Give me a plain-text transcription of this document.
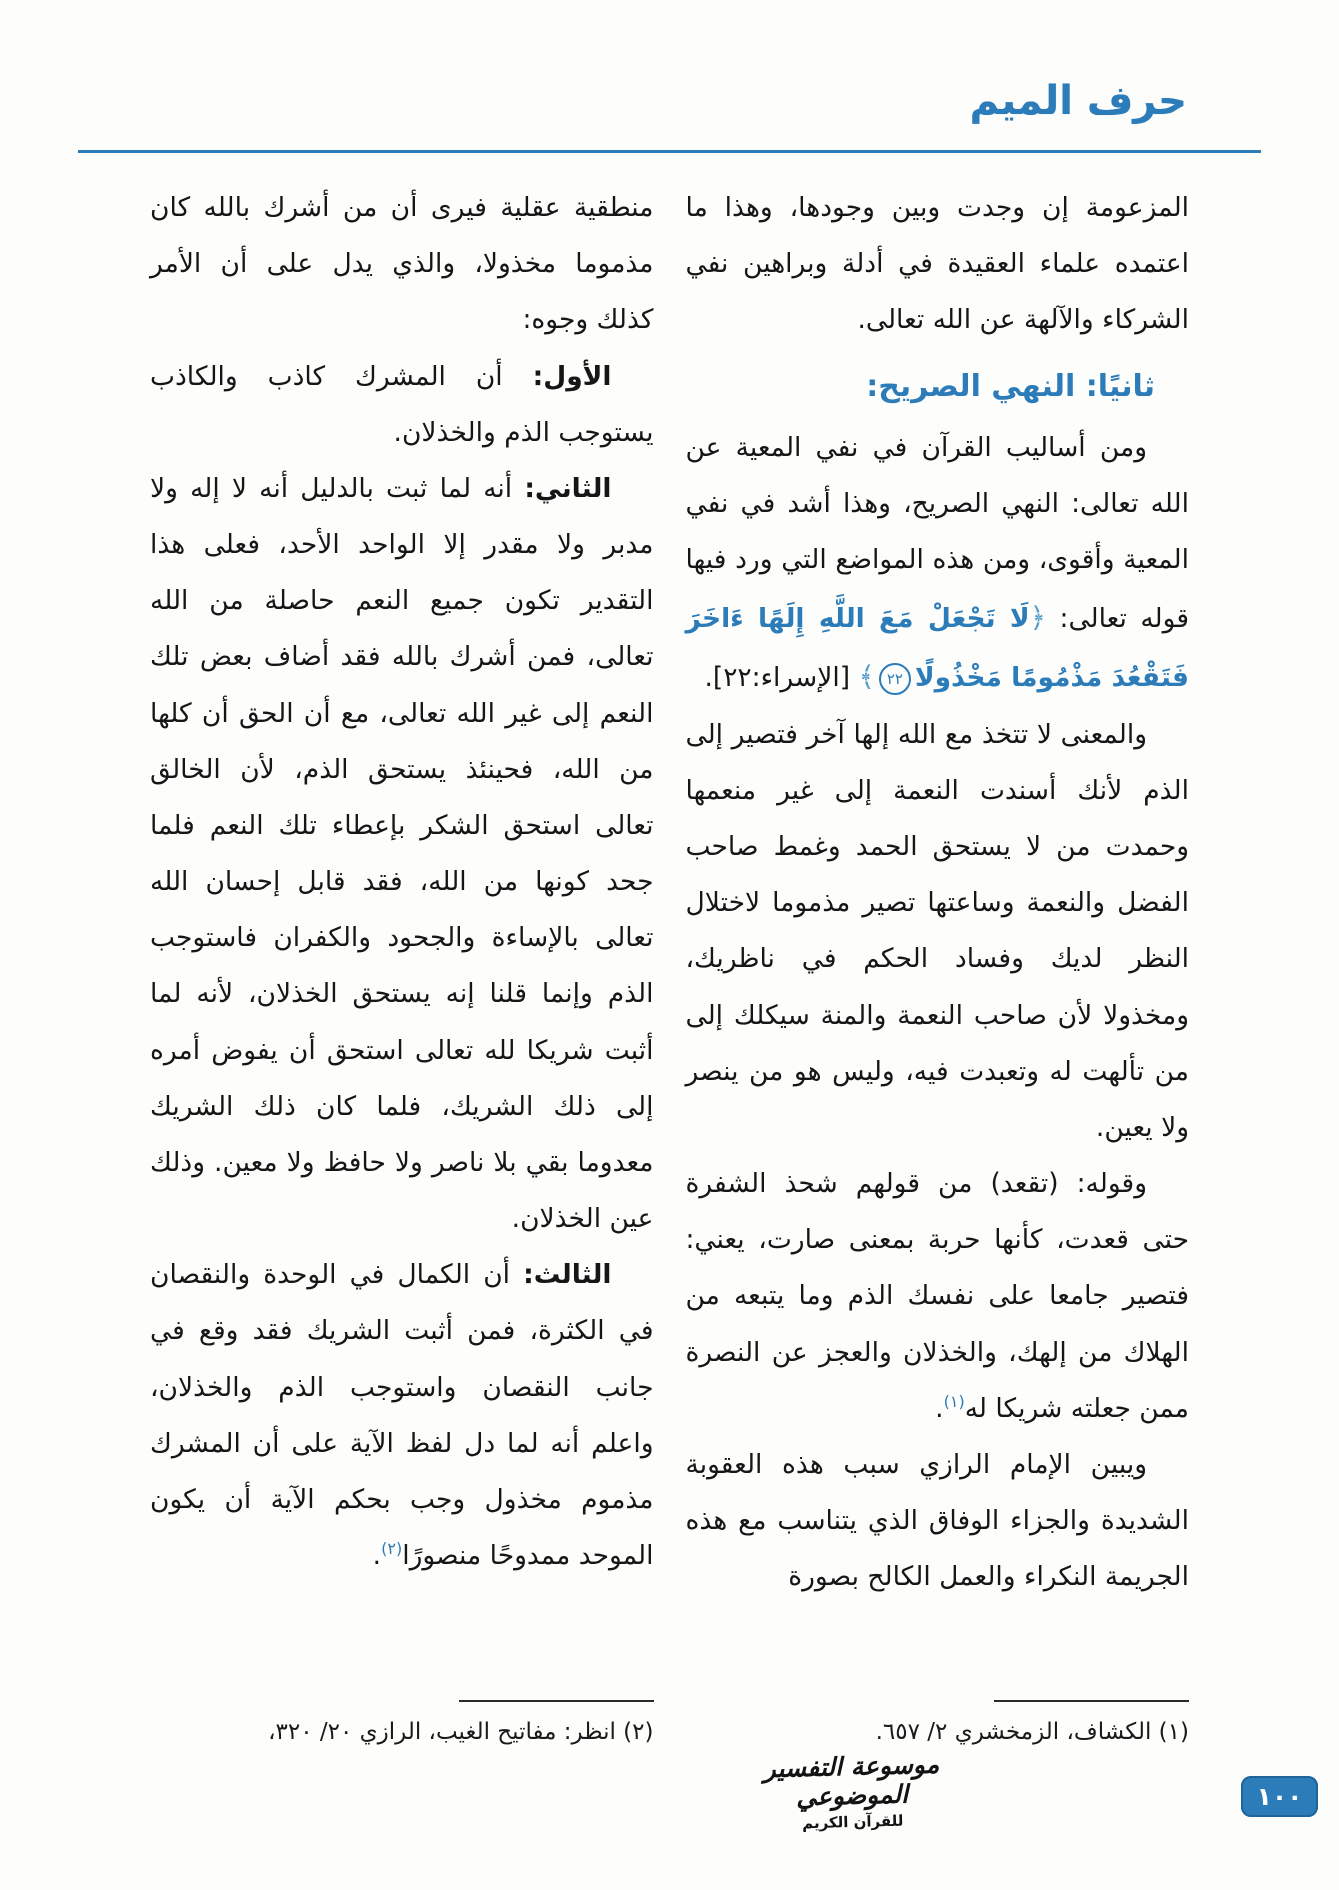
حرف الميم

المزعومة إن وجدت وبين وجودها، وهذا ما اعتمده علماء العقيدة في أدلة وبراهين نفي الشركاء والآلهة عن الله تعالى.

ثانيًا: النهي الصريح:

ومن أساليب القرآن في نفي المعية عن الله تعالى: النهي الصريح، وهذا أشد في نفي المعية وأقوى، ومن هذه المواضع التي ورد فيها قوله تعالى: ﴿لَا تَجْعَلْ مَعَ اللَّهِ إِلَهًا ءَاخَرَ فَتَقْعُدَ مَذْمُومًا مَخْذُولًا٢٢﴾ [الإسراء:٢٢].

والمعنى لا تتخذ مع الله إلها آخر فتصير إلى الذم لأنك أسندت النعمة إلى غير منعمها وحمدت من لا يستحق الحمد وغمط صاحب الفضل والنعمة وساعتها تصير مذموما لاختلال النظر لديك وفساد الحكم في ناظريك، ومخذولا لأن صاحب النعمة والمنة سيكلك إلى من تألهت له وتعبدت فيه، وليس هو من ينصر ولا يعين.

وقوله: (تقعد) من قولهم شحذ الشفرة حتى قعدت، كأنها حربة بمعنى صارت، يعني: فتصير جامعا على نفسك الذم وما يتبعه من الهلاك من إلهك، والخذلان والعجز عن النصرة ممن جعلته شريكا له$^{(١)}$.

ويبين الإمام الرازي سبب هذه العقوبة الشديدة والجزاء الوفاق الذي يتناسب مع هذه الجريمة النكراء والعمل الكالح بصورة

منطقية عقلية فيرى أن من أشرك بالله كان مذموما مخذولا، والذي يدل على أن الأمر كذلك وجوه:

الأول: أن المشرك كاذب والكاذب يستوجب الذم والخذلان.

الثاني: أنه لما ثبت بالدليل أنه لا إله ولا مدبر ولا مقدر إلا الواحد الأحد، فعلى هذا التقدير تكون جميع النعم حاصلة من الله تعالى، فمن أشرك بالله فقد أضاف بعض تلك النعم إلى غير الله تعالى، مع أن الحق أن كلها من الله، فحينئذ يستحق الذم، لأن الخالق تعالى استحق الشكر بإعطاء تلك النعم فلما جحد كونها من الله، فقد قابل إحسان الله تعالى بالإساءة والجحود والكفران فاستوجب الذم وإنما قلنا إنه يستحق الخذلان، لأنه لما أثبت شريكا لله تعالى استحق أن يفوض أمره إلى ذلك الشريك، فلما كان ذلك الشريك معدوما بقي بلا ناصر ولا حافظ ولا معين. وذلك عين الخذلان.

الثالث: أن الكمال في الوحدة والنقصان في الكثرة، فمن أثبت الشريك فقد وقع في جانب النقصان واستوجب الذم والخذلان، واعلم أنه لما دل لفظ الآية على أن المشرك مذموم مخذول وجب بحكم الآية أن يكون الموحد ممدوحًا منصورًا$^{(٢)}$.

(١) الكشاف، الزمخشري ٢/ ٦٥٧.
(٢) انظر: مفاتيح الغيب، الرازي ٢٠/ ٣٢٠،
موسوعة التفسير الموضوعي
للقرآن الكريم
١٠٠
